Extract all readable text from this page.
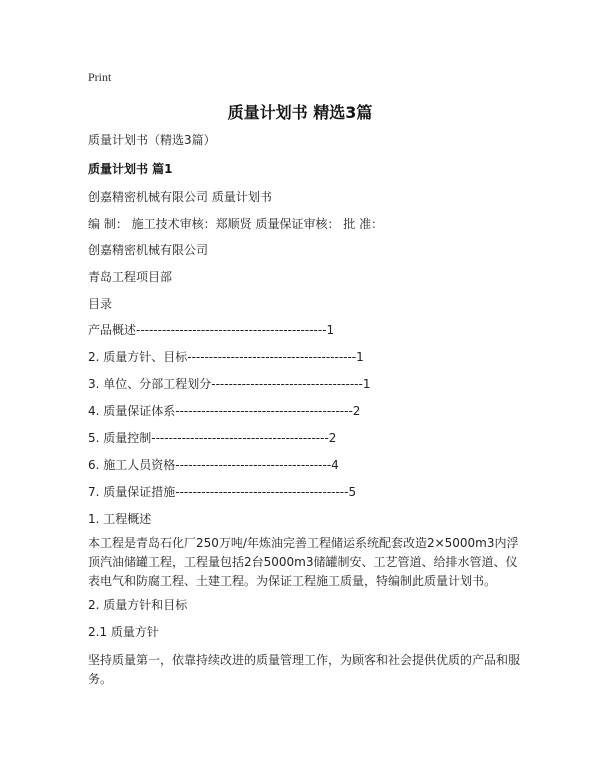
Print
质量计划书 精选3篇
质量计划书（精选3篇）
质量计划书 篇1
创嘉精密机械有限公司 质量计划书
编 制： 施工技术审核：郑顺贤 质量保证审核： 批 准：
创嘉精密机械有限公司
青岛工程项目部
目录
产品概述--------------------------------------------1
2. 质量方针、目标---------------------------------------1
3. 单位、分部工程划分-----------------------------------1
4. 质量保证体系-----------------------------------------2
5. 质量控制-----------------------------------------2
6. 施工人员资格------------------------------------4
7. 质量保证措施----------------------------------------5
1. 工程概述
本工程是青岛石化厂250万吨/年炼油完善工程储运系统配套改造2×5000m3内浮顶汽油储罐工程，工程量包括2台5000m3储罐制安、工艺管道、给排水管道、仪表电气和防腐工程、土建工程。为保证工程施工质量，特编制此质量计划书。
2. 质量方针和目标
2.1 质量方针
坚持质量第一，依靠持续改进的质量管理工作，为顾客和社会提供优质的产品和服务。
